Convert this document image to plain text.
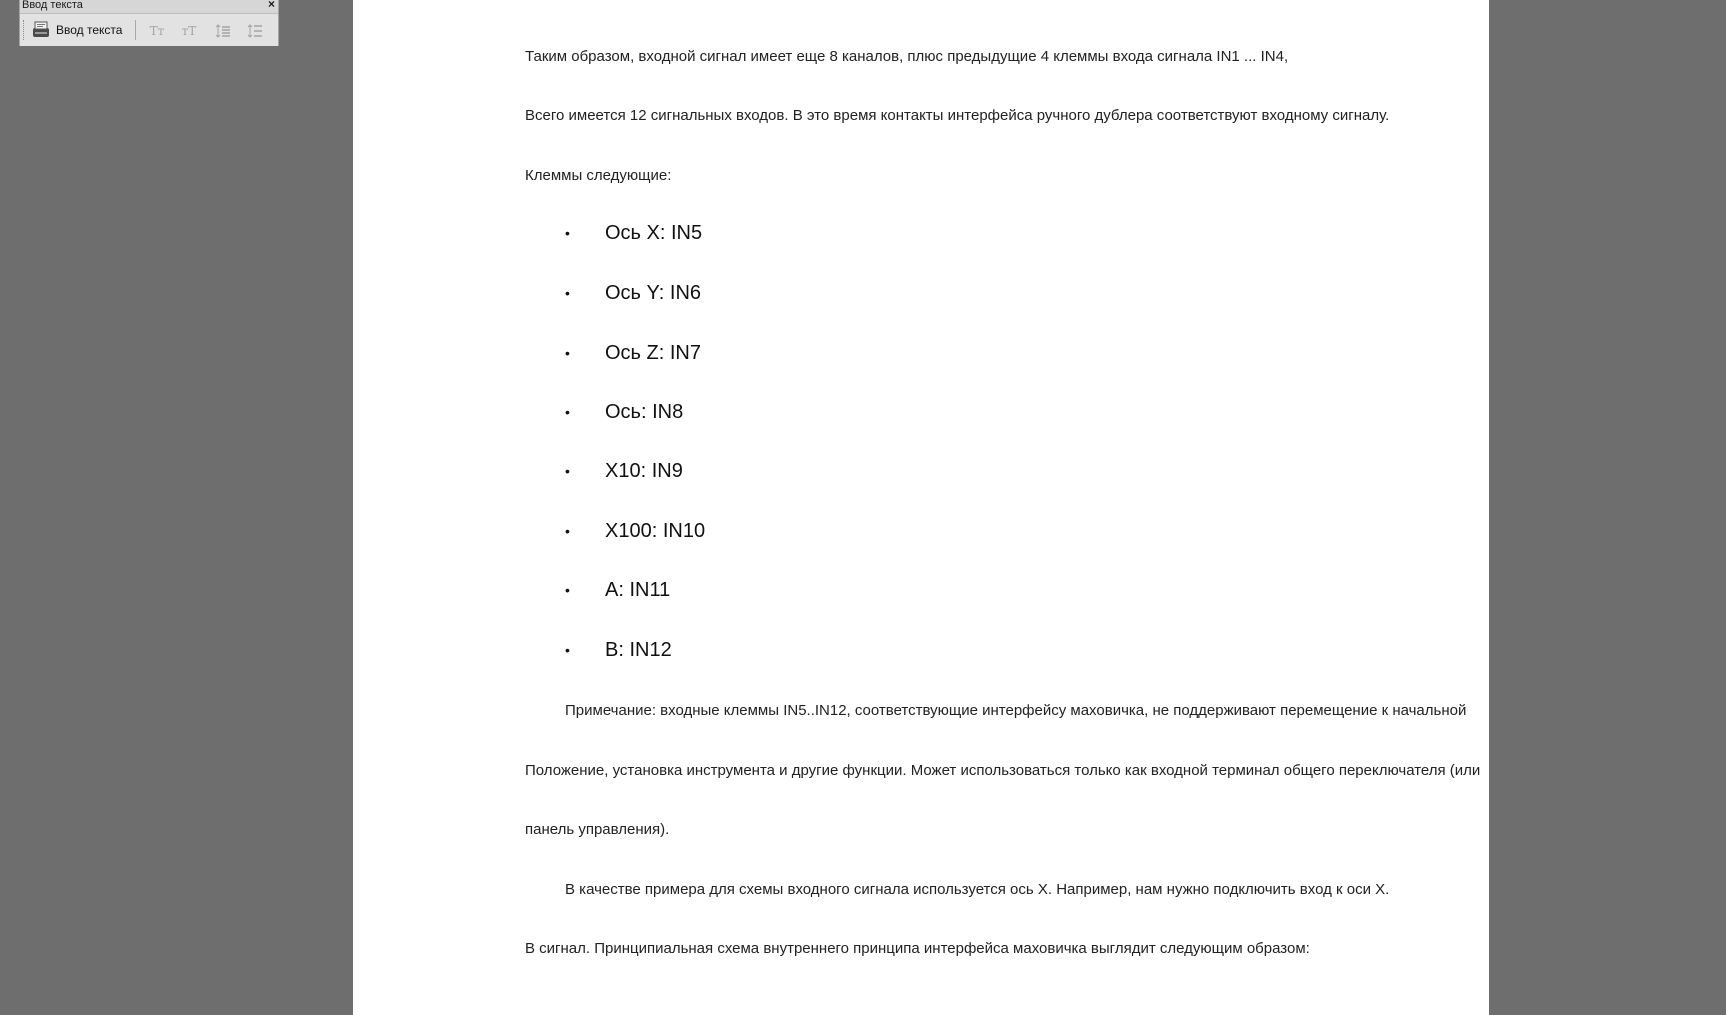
Ввод текста	×
Ввод текста Tт тT

Таким образом, входной сигнал имеет еще 8 каналов, плюс предыдущие 4 клеммы входа сигнала IN1 ... IN4,

Всего имеется 12 сигнальных входов. В это время контакты интерфейса ручного дублера соответствуют входному сигналу.

Клеммы следующие:

• Ось X: IN5
• Ось Y: IN6
• Ось Z: IN7
• Ось: IN8
• X10: IN9
• X100: IN10
• A: IN11
• B: IN12

Примечание: входные клеммы IN5..IN12, соответствующие интерфейсу маховичка, не поддерживают перемещение к начальной

Положение, установка инструмента и другие функции. Может использоваться только как входной терминал общего переключателя (или

панель управления).

В качестве примера для схемы входного сигнала используется ось X. Например, нам нужно подключить вход к оси X.

В сигнал. Принципиальная схема внутреннего принципа интерфейса маховичка выглядит следующим образом:
